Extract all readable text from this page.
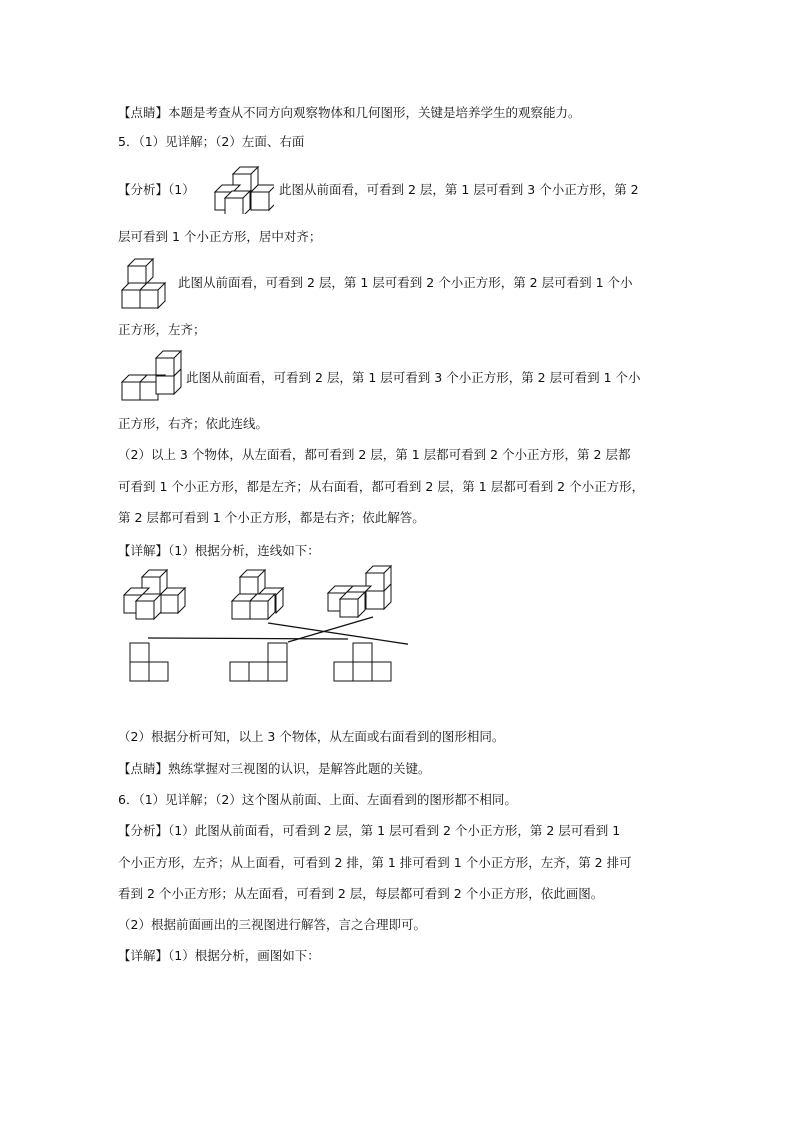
【点睛】本题是考查从不同方向观察物体和几何图形，关键是培养学生的观察能力。
5．（1）见详解；（2）左面、右面
【分析】（1）	此图从前面看，可看到 2 层，第 1 层可看到 3 个小正方形，第 2
层可看到 1 个小正方形，居中对齐；
此图从前面看，可看到 2 层，第 1 层可看到 2 个小正方形，第 2 层可看到 1 个小
正方形，左齐；
此图从前面看，可看到 2 层，第 1 层可看到 3 个小正方形，第 2 层可看到 1 个小
正方形，右齐；依此连线。
（2）以上 3 个物体，从左面看，都可看到 2 层，第 1 层都可看到 2 个小正方形，第 2 层都
可看到 1 个小正方形，都是左齐；从右面看，都可看到 2 层，第 1 层都可看到 2 个小正方形，
第 2 层都可看到 1 个小正方形，都是右齐；依此解答。
【详解】（1）根据分析，连线如下：
（2）根据分析可知，以上 3 个物体，从左面或右面看到的图形相同。
【点睛】熟练掌握对三视图的认识，是解答此题的关键。
6．（1）见详解；（2）这个图从前面、上面、左面看到的图形都不相同。
【分析】（1）此图从前面看，可看到 2 层，第 1 层可看到 2 个小正方形，第 2 层可看到 1
个小正方形，左齐；从上面看，可看到 2 排，第 1 排可看到 1 个小正方形，左齐，第 2 排可
看到 2 个小正方形；从左面看，可看到 2 层，每层都可看到 2 个小正方形，依此画图。
（2）根据前面画出的三视图进行解答，言之合理即可。
【详解】（1）根据分析，画图如下：
